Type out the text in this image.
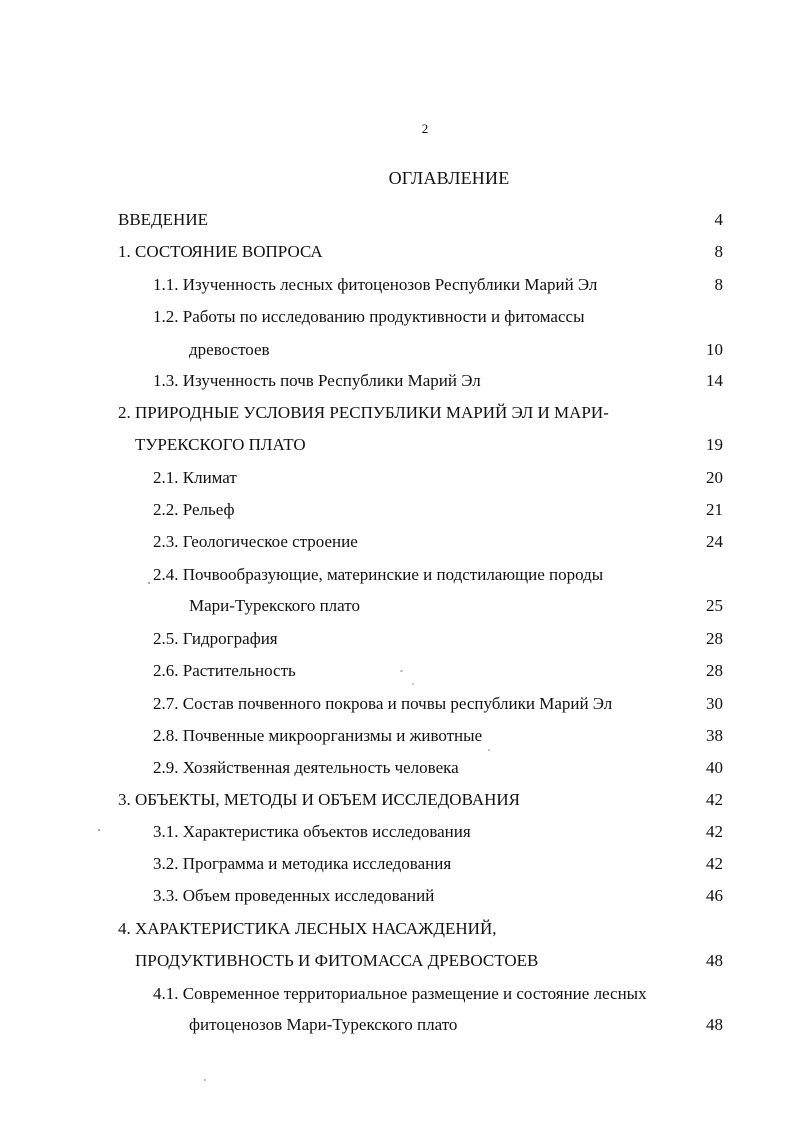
2
ОГЛАВЛЕНИЕ
ВВЕДЕНИЕ	4
1. СОСТОЯНИЕ ВОПРОСА	8
1.1. Изученность лесных фитоценозов Республики Марий Эл	8
1.2. Работы по исследованию продуктивности и фитомассы
древостоев	10
1.3. Изученность почв Республики Марий Эл	14
2. ПРИРОДНЫЕ УСЛОВИЯ РЕСПУБЛИКИ МАРИЙ ЭЛ И МАРИ-
ТУРЕКСКОГО ПЛАТО	19
2.1. Климат	20
2.2. Рельеф	21
2.3. Геологическое строение	24
2.4. Почвообразующие, материнские и подстилающие породы
Мари-Турекского плато	25
2.5. Гидрография	28
2.6. Растительность	28
2.7. Состав почвенного покрова и почвы республики Марий Эл	30
2.8. Почвенные микроорганизмы и животные	38
2.9. Хозяйственная деятельность человека	40
3. ОБЪЕКТЫ, МЕТОДЫ И ОБЪЕМ ИССЛЕДОВАНИЯ	42
3.1. Характеристика объектов исследования	42
3.2. Программа и методика исследования	42
3.3. Объем проведенных исследований	46
4. ХАРАКТЕРИСТИКА ЛЕСНЫХ НАСАЖДЕНИЙ,
ПРОДУКТИВНОСТЬ И ФИТОМАССА ДРЕВОСТОЕВ	48
4.1. Современное территориальное размещение и состояние лесных
фитоценозов Мари-Турекского плато	48
